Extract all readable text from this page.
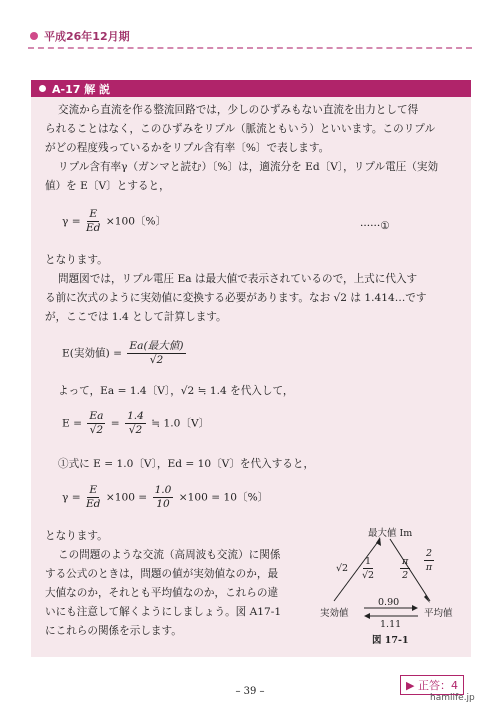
平成26年12月期
A-17 解 説
交流から直流を作る整流回路では，少しのひずみもない直流を出力として得
られることはなく，このひずみをリプル（脈流ともいう）といいます。このリプル
がどの程度残っているかをリプル含有率〔%〕で表します。
リプル含有率γ（ガンマと読む）〔%〕は，適流分を Ed〔V〕，リプル電圧（実効
値）を E〔V〕とすると，
$\gamma = \frac{E}{Ed} \times 100$〔%〕	······①
となります。
問題図では，リプル電圧 Ea は最大値で表示されているので，上式に代入す
る前に次式のように実効値に変換する必要があります。なお √2 は 1.414…です
が，ここでは 1.4 として計算します。
E(実効値) = $\frac{\text{Ea(最大値)}}{√2}$
よって，Ea = 1.4〔V〕，√2 ≒ 1.4 を代入して，
$E = \frac{Ea}{√2} = \frac{1.4}{√2}$ ≒ 1.0〔V〕
①式に E = 1.0〔V〕，Ed = 10〔V〕を代入すると，
$\gamma = \frac{E}{Ed} \times 100 = \frac{1.0}{10} \times 100 = 10$〔%〕
となります。
この問題のような交流（高周波も交流）に関係
する公式のときは，問題の値が実効値なのか，最
大値なのか，それとも平均値なのか，これらの違
いにも注意して解くようにしましょう。図 A17-1
にこれらの関係を示します。
最大値 Im
$√2 \frac{1}{√2}$	$\frac{\pi}{2} \frac{2}{\pi}$
0.90
実効値	平均値
1.11
図 17-1
– 39 –	▶ 正答：4
hamlife.jp
